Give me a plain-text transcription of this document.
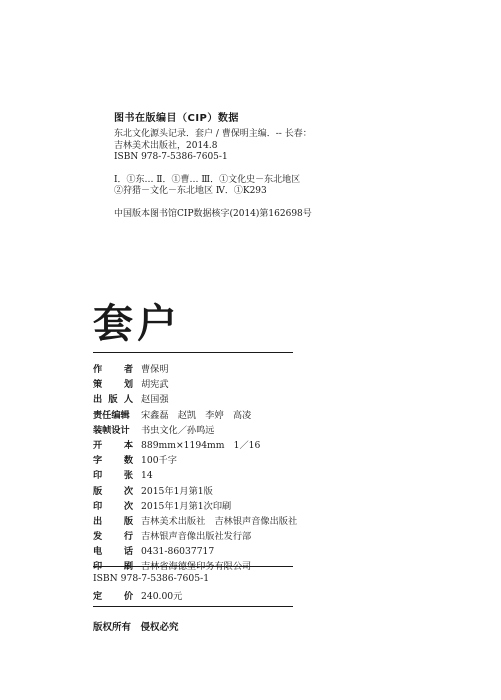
图书在版编目（CIP）数据
东北文化源头记录．套户 / 曹保明主编．-- 长春：
吉林美术出版社，2014.8
ISBN 978-7-5386-7605-1
Ⅰ．①东… Ⅱ．①曹… Ⅲ．①文化史－东北地区
②狩猎－文化－东北地区 Ⅳ．①K293
中国版本图书馆CIP数据核字(2014)第162698号
套户
作 者 曹保明
策 划 胡宪武
出 版 人 赵国强
责任编辑	宋鑫磊　赵凯　李婷　高凌
装帧设计	书虫文化／孙鸣远
开 本 889mm×1194mm　1／16
字 数 100千字
印 张 14
版 次 2015年1月第1版
印 次 2015年1月第1次印刷
出 版 吉林美术出版社　吉林银声音像出版社
发 行 吉林银声音像出版社发行部
电 话 0431-86037717
印 刷 吉林省海德堡印务有限公司
ISBN 978-7-5386-7605-1
定 价 240.00元
版权所有　侵权必究
